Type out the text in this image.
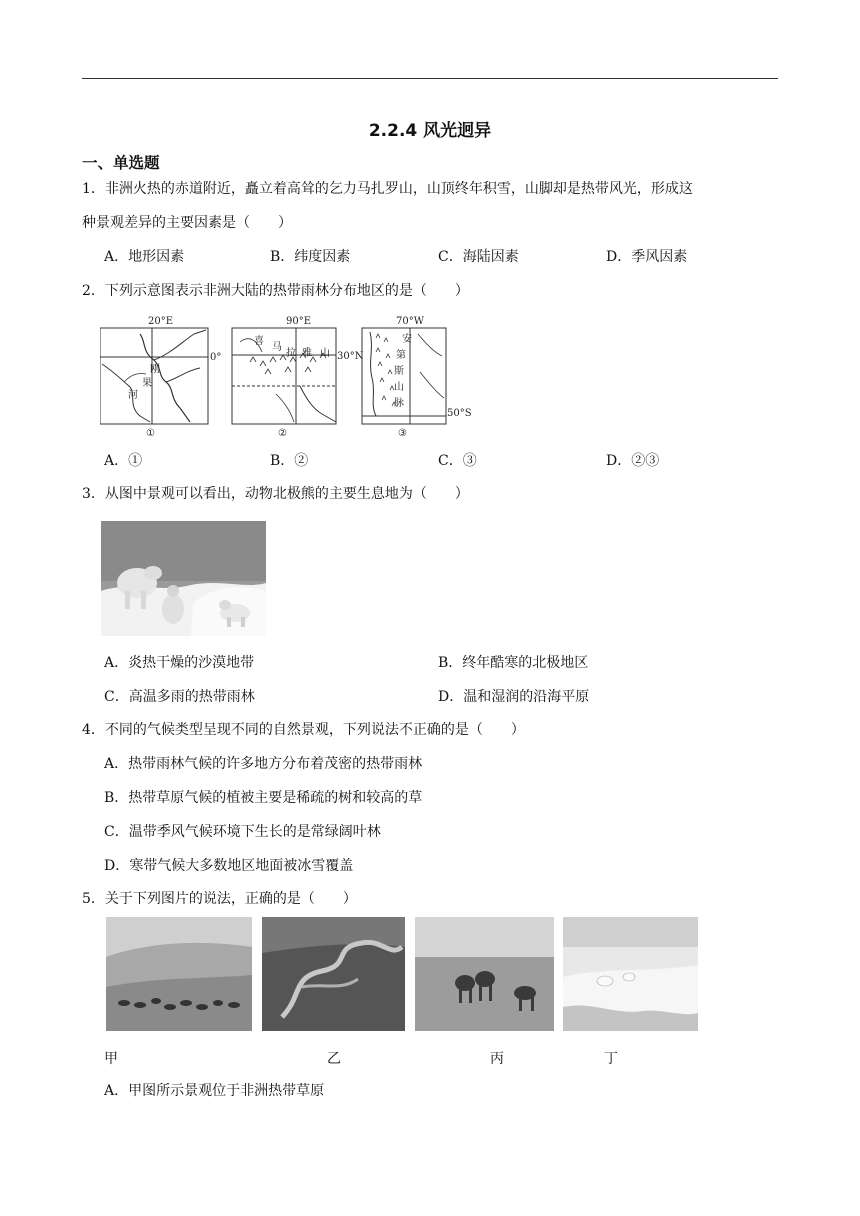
2.2.4 风光迥异
一、单选题
1．非洲火热的赤道附近，矗立着高耸的乞力马扎罗山，山顶终年积雪，山脚却是热带风光，形成这
种景观差异的主要因素是（　　）
A．地形因素	B．纬度因素	C．海陆因素	D．季风因素
2．下列示意图表示非洲大陆的热带雨林分布地区的是（　　）
20°E
0°
刚
果
河
①
90°E
30°N
喜
马
拉 雅 山
②
70°W
50°S
安
第
斯
山
脉
③
A．①	B．②	C．③	D．②③
3．从图中景观可以看出，动物北极熊的主要生息地为（　　）
A．炎热干燥的沙漠地带	B．终年酷寒的北极地区
C．高温多雨的热带雨林	D．温和湿润的沿海平原
4．不同的气候类型呈现不同的自然景观，下列说法不正确的是（　　）
A．热带雨林气候的许多地方分布着茂密的热带雨林
B．热带草原气候的植被主要是稀疏的树和较高的草
C．温带季风气候环境下生长的是常绿阔叶林
D．寒带气候大多数地区地面被冰雪覆盖
5．关于下列图片的说法，正确的是（　　）
甲	乙	丙	丁
A．甲图所示景观位于非洲热带草原
